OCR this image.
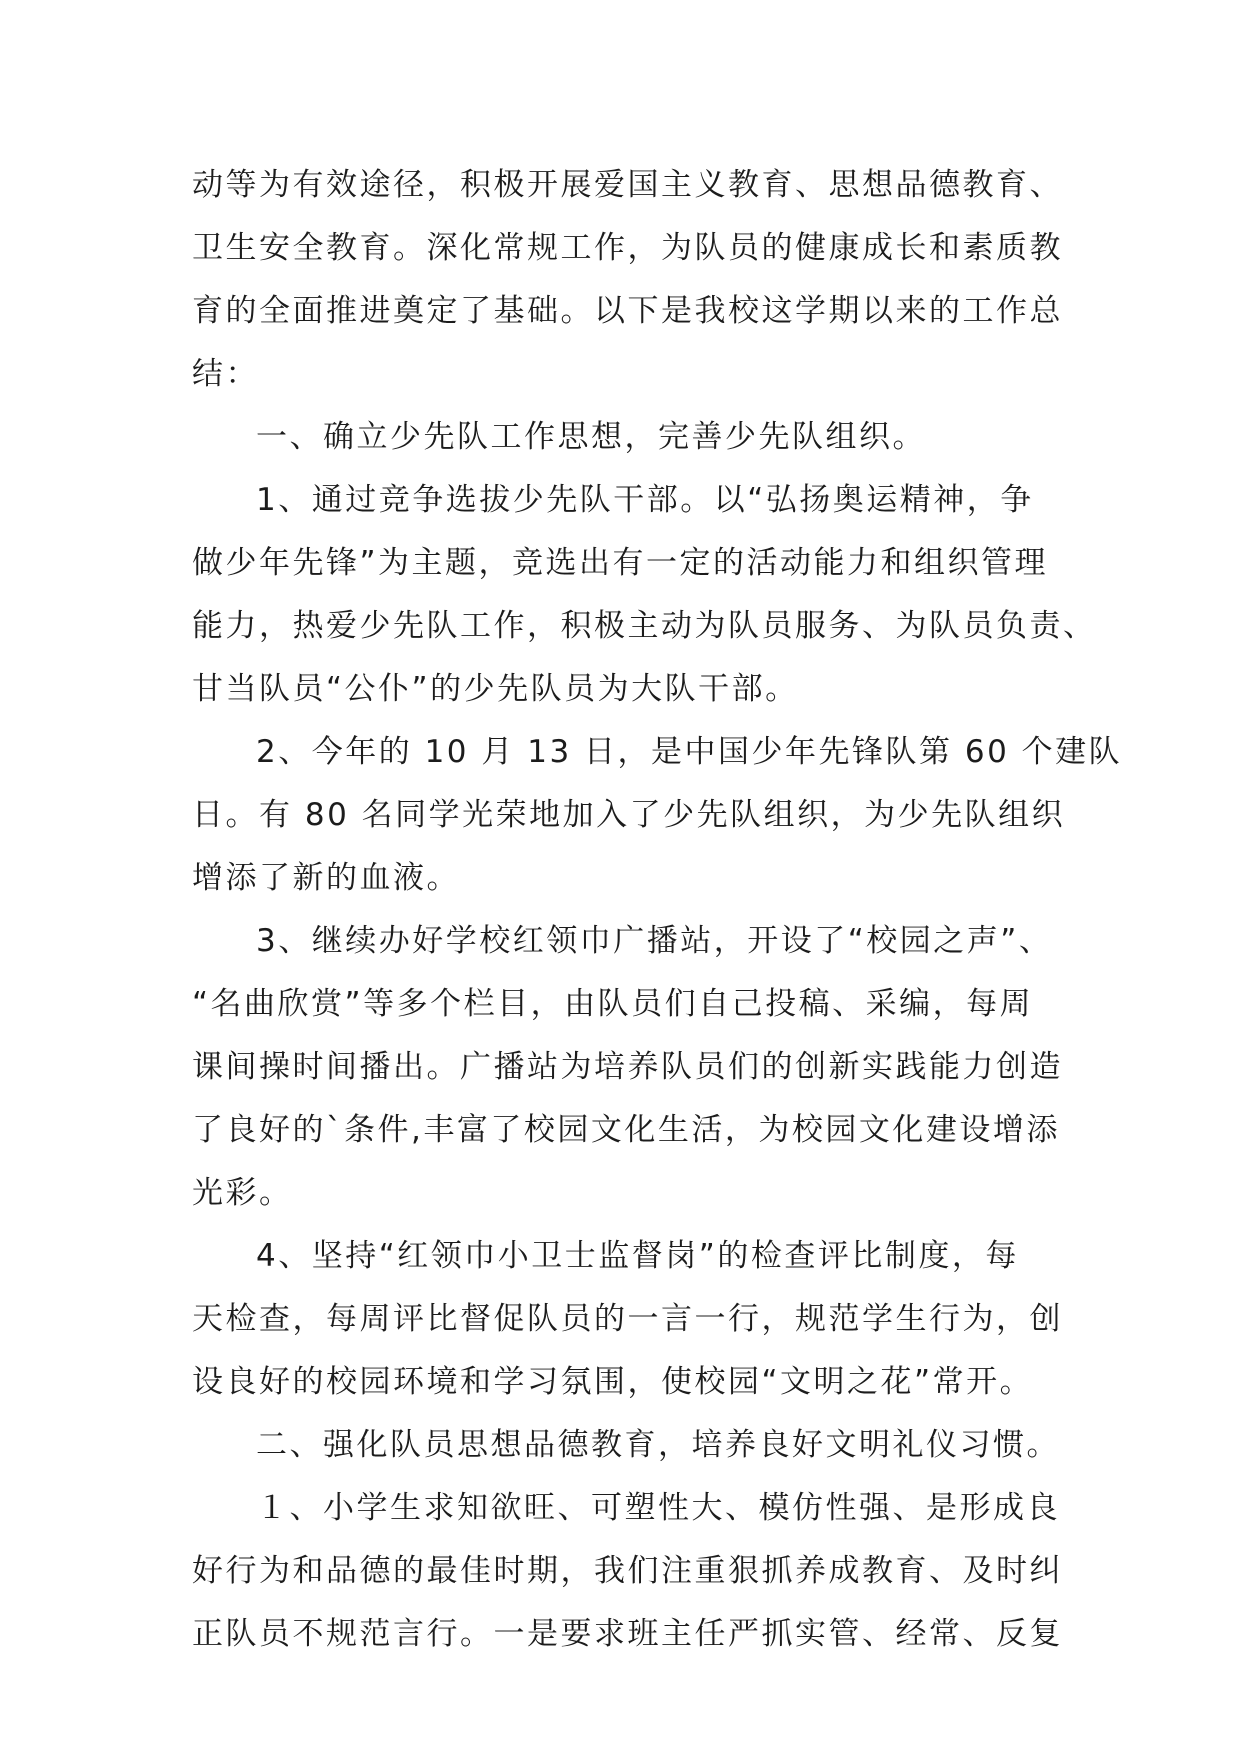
动等为有效途径，积极开展爱国主义教育、思想品德教育、
卫生安全教育。深化常规工作，为队员的健康成长和素质教
育的全面推进奠定了基础。以下是我校这学期以来的工作总
结：
一、确立少先队工作思想，完善少先队组织。
1、通过竞争选拔少先队干部。以“弘扬奥运精神，争
做少年先锋”为主题，竞选出有一定的活动能力和组织管理
能力，热爱少先队工作，积极主动为队员服务、为队员负责、
甘当队员“公仆”的少先队员为大队干部。
2、今年的 10 月 13 日，是中国少年先锋队第 60 个建队
日。有 80 名同学光荣地加入了少先队组织，为少先队组织
增添了新的血液。
3、继续办好学校红领巾广播站，开设了“校园之声”、
“名曲欣赏”等多个栏目，由队员们自己投稿、采编，每周
课间操时间播出。广播站为培养队员们的创新实践能力创造
了良好的`条件,丰富了校园文化生活，为校园文化建设增添
光彩。
4、坚持“红领巾小卫士监督岗”的检查评比制度，每
天检查，每周评比督促队员的一言一行，规范学生行为，创
设良好的校园环境和学习氛围，使校园“文明之花”常开。
二、强化队员思想品德教育，培养良好文明礼仪习惯。
１、小学生求知欲旺、可塑性大、模仿性强、是形成良
好行为和品德的最佳时期，我们注重狠抓养成教育、及时纠
正队员不规范言行。一是要求班主任严抓实管、经常、反复
